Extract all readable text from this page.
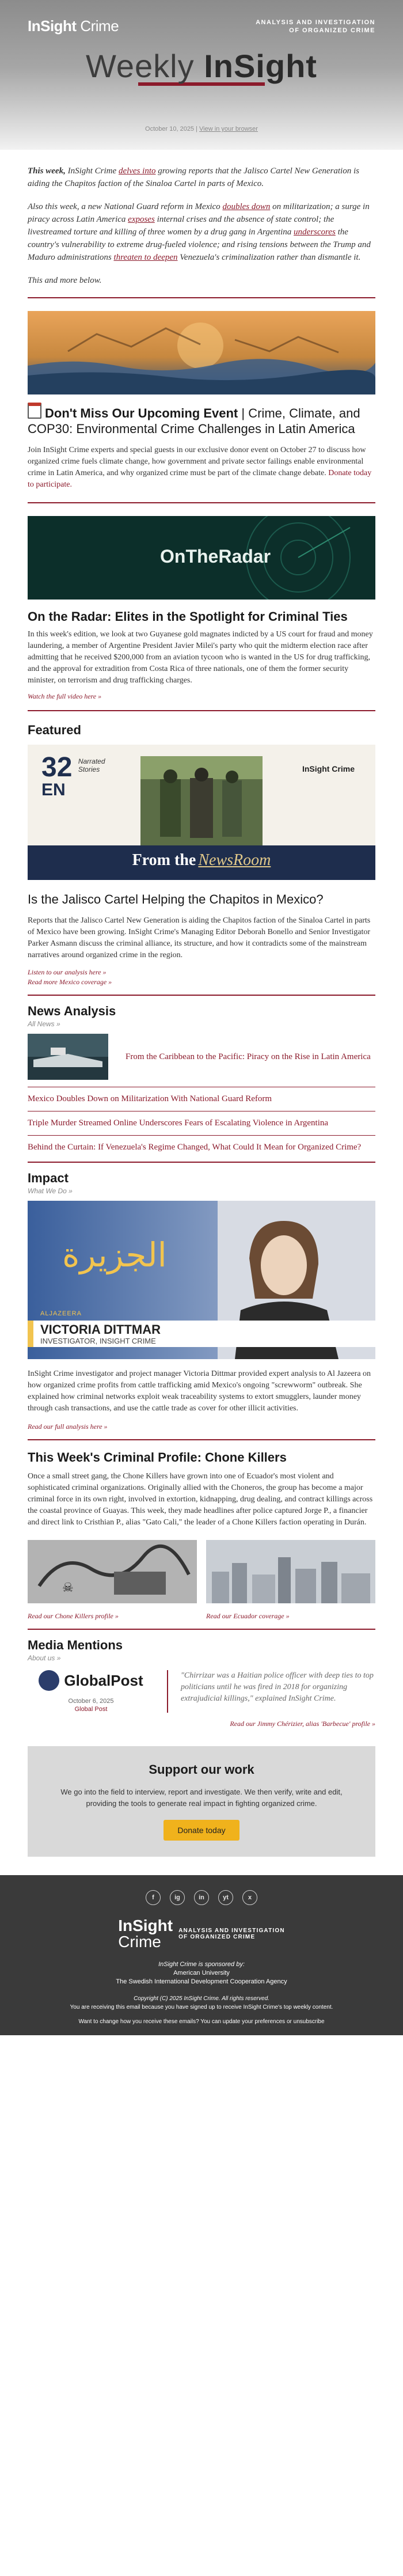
InSight Crime	ANALYSIS AND INVESTIGATION
OF ORGANIZED CRIME
Weekly InSight
October 10, 2025 | View in your browser

This week, InSight Crime delves into growing reports that the Jalisco Cartel New Generation is aiding the Chapitos faction of the Sinaloa Cartel in parts of Mexico.

Also this week, a new National Guard reform in Mexico doubles down on militarization; a surge in piracy across Latin America exposes internal crises and the absence of state control; the livestreamed torture and killing of three women by a drug gang in Argentina underscores the country's vulnerability to extreme drug-fueled violence; and rising tensions between the Trump and Maduro administrations threaten to deepen Venezuela's criminalization rather than dismantle it.

This and more below.

Don't Miss Our Upcoming Event | Crime, Climate, and COP30: Environmental Crime Challenges in Latin America

Join InSight Crime experts and special guests in our exclusive donor event on October 27 to discuss how organized crime fuels climate change, how government and private sector failings enable environmental crime in Latin America, and why organized crime must be part of the climate change debate. Donate today to participate.

OnTheRadar
On the Radar: Elites in the Spotlight for Criminal Ties

In this week's edition, we look at two Guyanese gold magnates indicted by a US court for fraud and money laundering, a member of Argentine President Javier Milei's party who quit the midterm election race after admitting that he received $200,000 from an aviation tycoon who is wanted in the US for drug trafficking, and the approval for extradition from Costa Rica of three nationals, one of them the former security minister, on terrorism and drug trafficking charges.

Watch the full video here »
Featured
32 Narrated
Stories
EN
InSight Crime
From the NewsRoom
Is the Jalisco Cartel Helping the Chapitos in Mexico?

Reports that the Jalisco Cartel New Generation is aiding the Chapitos faction of the Sinaloa Cartel in parts of Mexico have been growing. InSight Crime's Managing Editor Deborah Bonello and Senior Investigator Parker Asmann discuss the criminal alliance, its structure, and how it contradicts some of the mainstream narratives around organized crime in the region.

Listen to our analysis here »
Read more Mexico coverage »
News Analysis
All News »
From the Caribbean to the Pacific: Piracy on the Rise in Latin America
Mexico Doubles Down on Militarization With National Guard Reform
Triple Murder Streamed Online Underscores Fears of Escalating Violence in Argentina
Behind the Curtain: If Venezuela's Regime Changed, What Could It Mean for Organized Crime?
Impact
What We Do »
الجزيرة
ALJAZEERA
VICTORIA DITTMAR
INVESTIGATOR, INSIGHT CRIME

InSight Crime investigator and project manager Victoria Dittmar provided expert analysis to Al Jazeera on how organized crime profits from cattle trafficking amid Mexico's ongoing "screwworm" outbreak. She explained how criminal networks exploit weak traceability systems to extort smugglers, launder money through cash transactions, and use the cattle trade as cover for other illicit activities.

Read our full analysis here »
This Week's Criminal Profile: Chone Killers

Once a small street gang, the Chone Killers have grown into one of Ecuador's most violent and sophisticated criminal organizations. Originally allied with the Choneros, the group has become a major criminal force in its own right, involved in extortion, kidnapping, drug dealing, and contract killings across the coastal province of Guayas. This week, they made headlines after police captured Jorge P., a financier and direct link to Cristhian P., alias "Gato Cali," the leader of a Chone Killers faction operating in Durán.

☠
Read our Chone Killers profile »	Read our Ecuador coverage »
Media Mentions
About us »
GlobalPost
October 6, 2025
Global Post
"Chirrizar was a Haitian police officer with deep ties to top politicians until he was fired in 2018 for organizing extrajudicial killings," explained InSight Crime.
Read our Jimmy Chérizier, alias 'Barbecue' profile »
Support our work
We go into the field to interview, report and investigate. We then verify, write and edit, providing the tools to generate real impact in fighting organized crime.
Donate today
f	ig	in	yt	x
InSight
Crime
ANALYSIS AND INVESTIGATION
OF ORGANIZED CRIME
InSight Crime is sponsored by:
American University
The Swedish International Development Cooperation Agency
Copyright (C) 2025 InSight Crime. All rights reserved.
You are receiving this email because you have signed up to receive InSight Crime's top weekly content.
Want to change how you receive these emails? You can update your preferences or unsubscribe
